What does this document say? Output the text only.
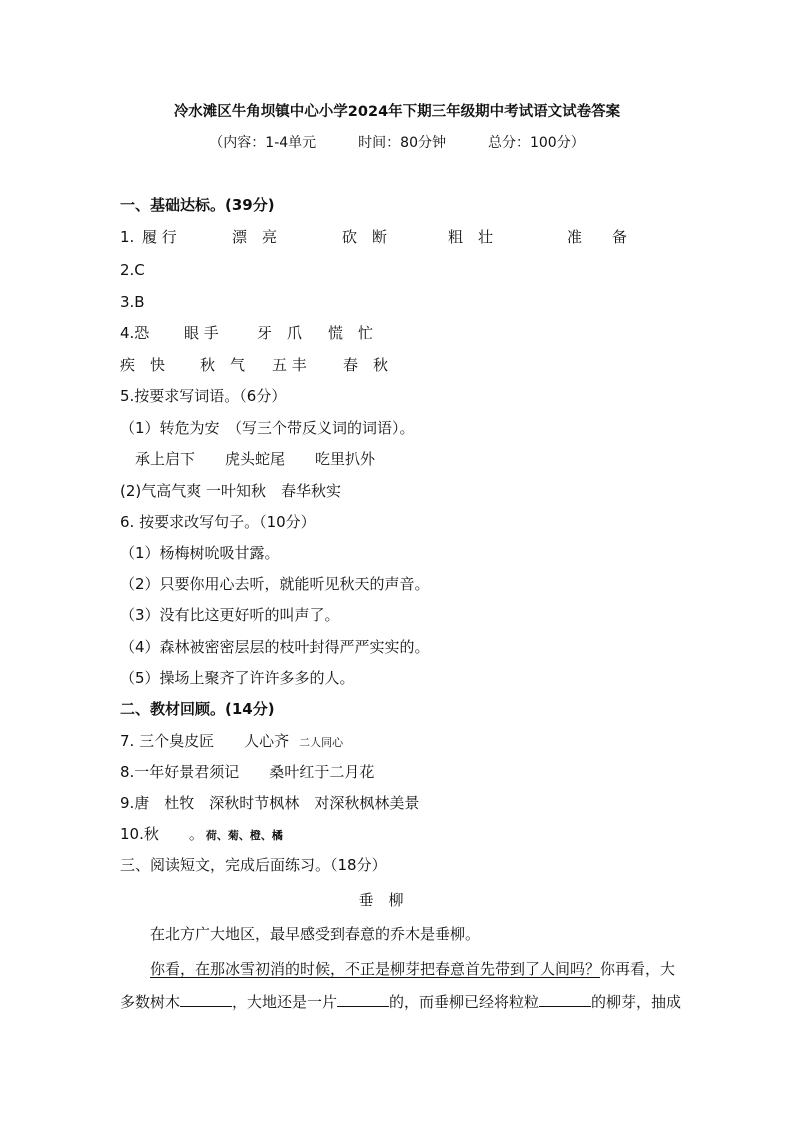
冷水滩区牛角坝镇中心小学2024年下期三年级期中考试语文试卷答案
（内容：1-4单元　　　时间：80分钟　　　总分：100分）
一、基础达标。(39分)
1. 履 行	漂　亮	砍　断	粗　壮	准　　备
2.C
3.B
4.恐 眼 手	牙　爪 慌　忙
疾　快 秋　气 五 丰 春　秋
5.按要求写词语。（6分）
（1）转危为安　（写三个带反义词的词语）。
承上启下　　虎头蛇尾　　吃里扒外
(2)气高气爽 一叶知秋　春华秋实
6. 按要求改写句子。（10分）
（1）杨梅树吮吸甘露。
（2）只要你用心去听，就能听见秋天的声音。
（3）没有比这更好听的叫声了。
（4）森林被密密层层的枝叶封得严严实实的。
（5）操场上聚齐了许许多多的人。
二、教材回顾。(14分)
7. 三个臭皮匠　　人心齐 二人同心
8.一年好景君须记　　桑叶红于二月花
9.唐　杜牧　深秋时节枫林　对深秋枫林美景
10.秋　　。 荷、菊、橙、橘
三、阅读短文，完成后面练习。（18分）
垂　柳
在北方广大地区，最早感受到春意的乔木是垂柳。
你看，在那冰雪初消的时候，不正是柳芽把春意首先带到了人间吗？你再看，大
多数树木	，大地还是一片	的，而垂柳已经将粒粒	的柳芽，抽成
